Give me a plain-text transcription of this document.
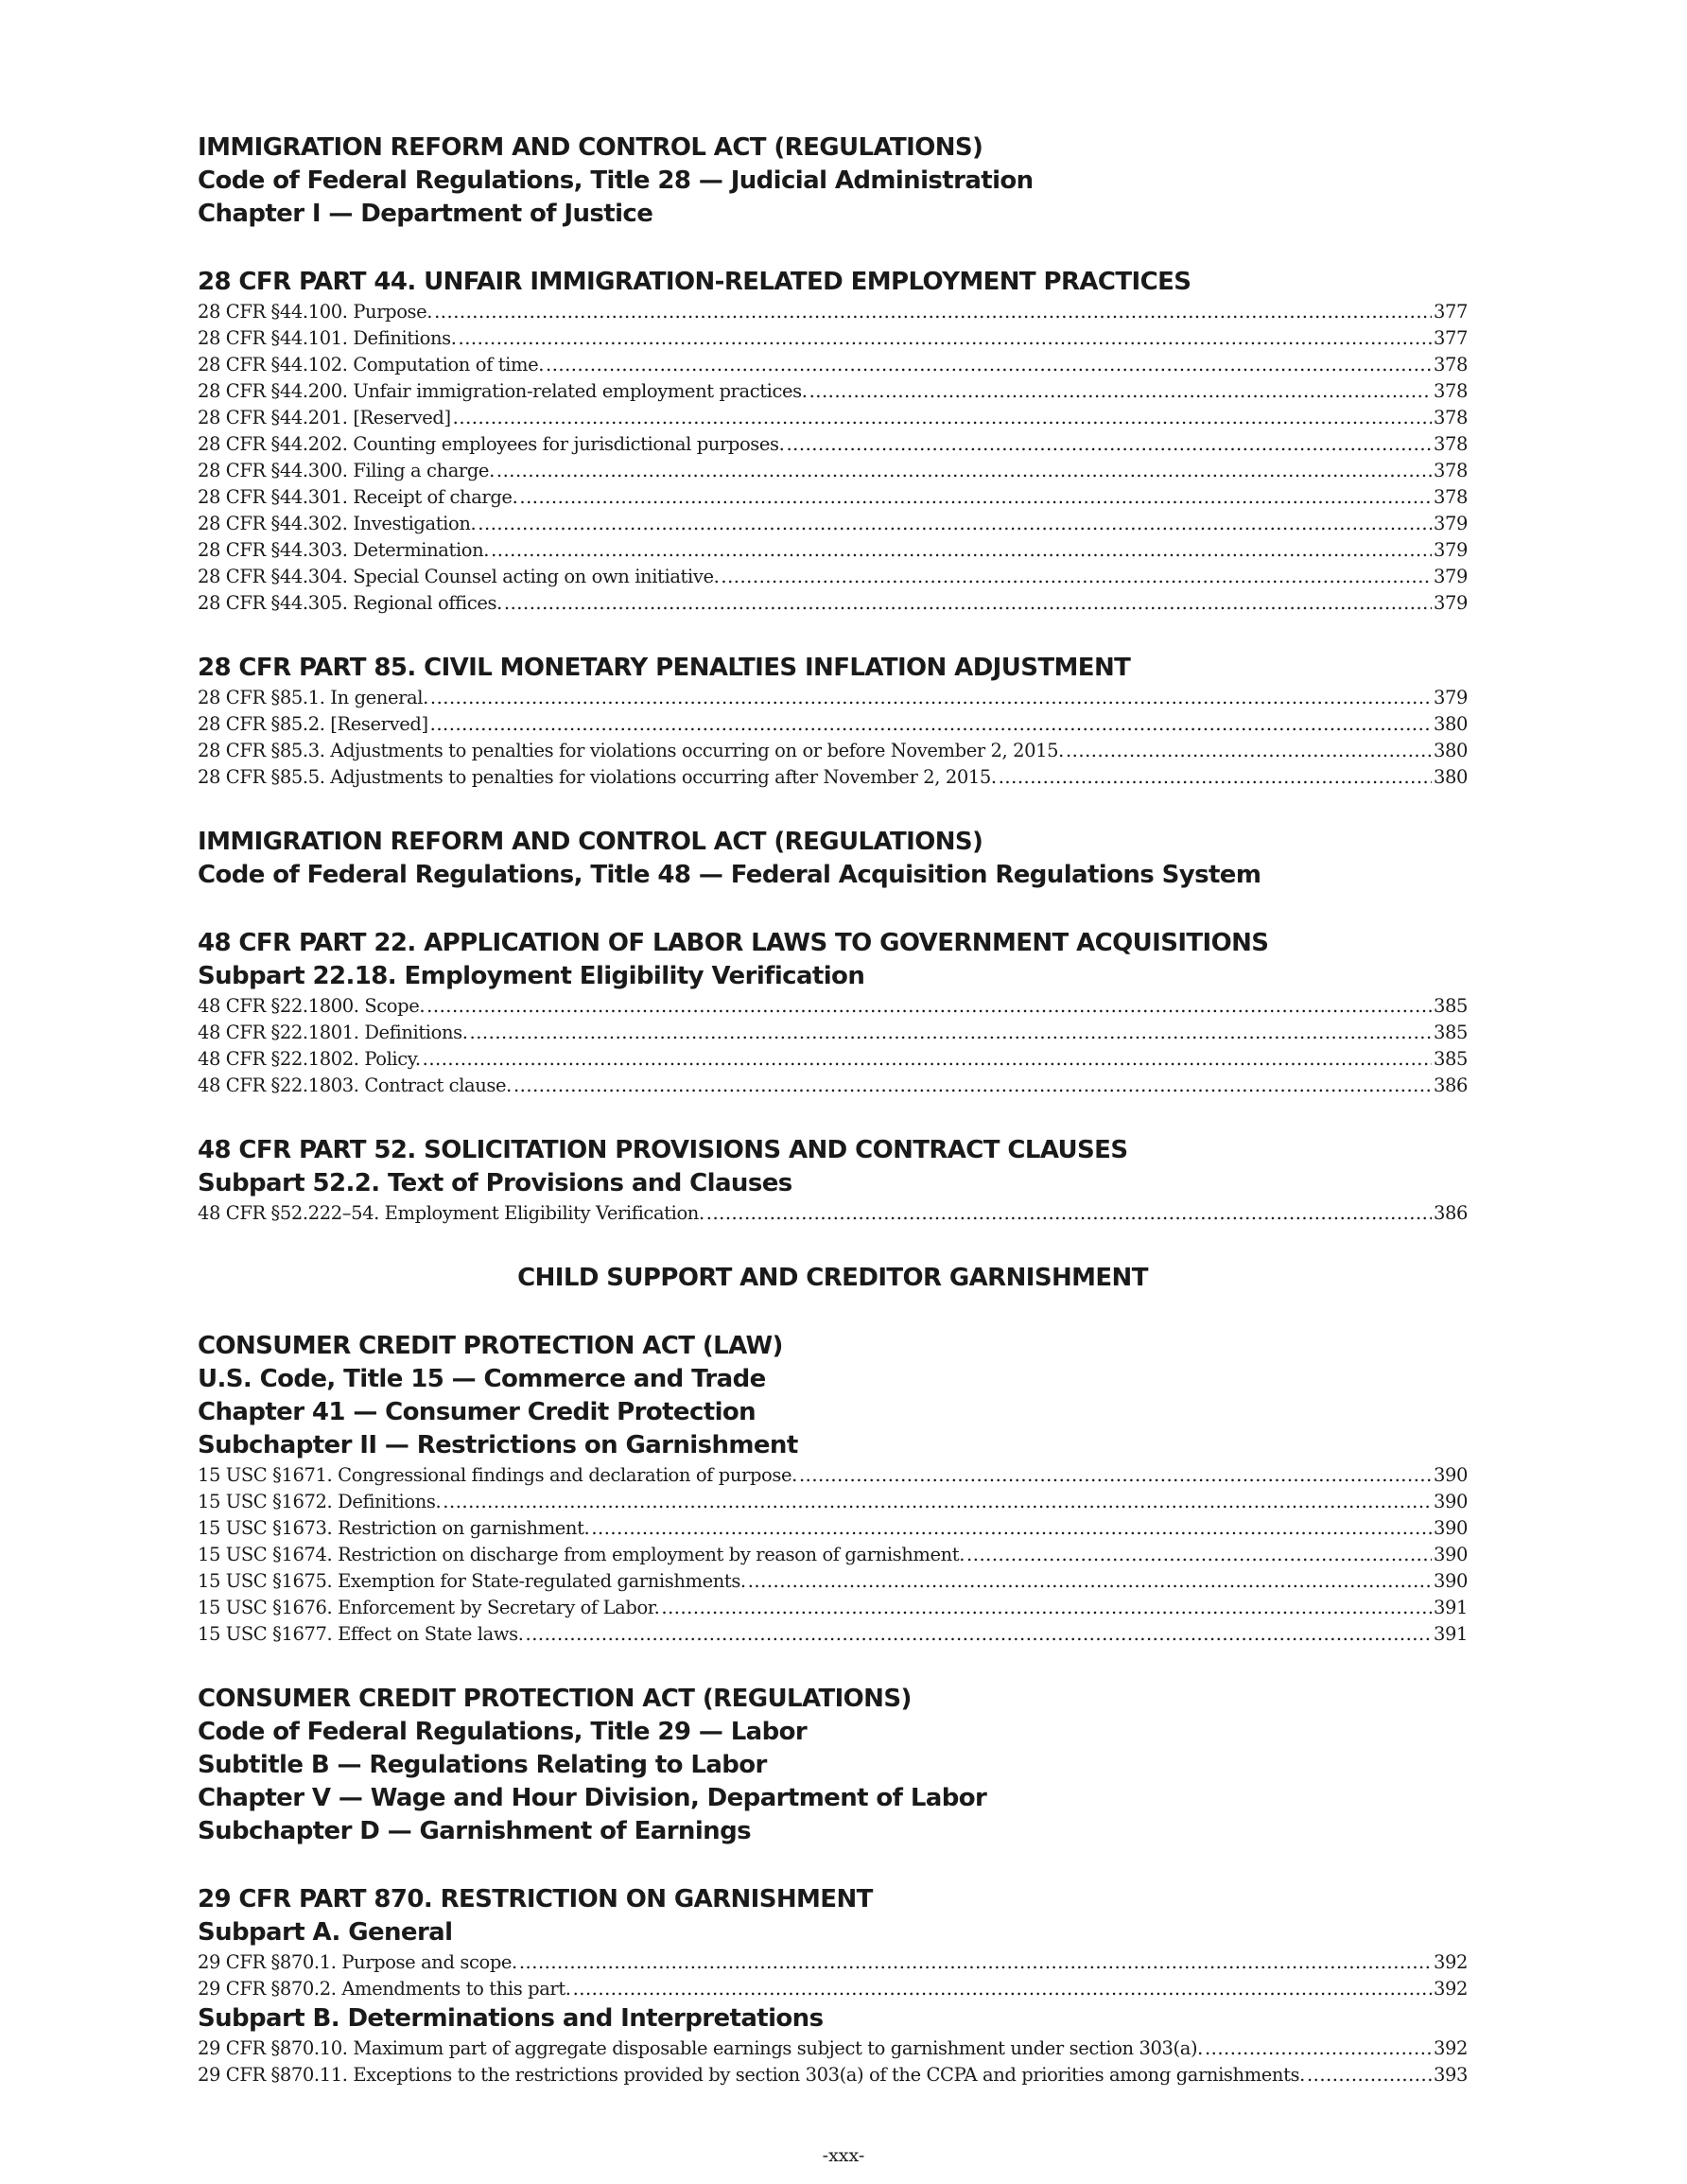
IMMIGRATION REFORM AND CONTROL ACT (REGULATIONS)
Code of Federal Regulations, Title 28 — Judicial Administration
Chapter I — Department of Justice
28 CFR PART 44. UNFAIR IMMIGRATION-RELATED EMPLOYMENT PRACTICES
28 CFR §44.100. Purpose. .....	377
28 CFR §44.101. Definitions. .....	377
28 CFR §44.102. Computation of time. .....	378
28 CFR §44.200. Unfair immigration-related employment practices. .....	378
28 CFR §44.201. [Reserved] .....	378
28 CFR §44.202. Counting employees for jurisdictional purposes. .....	378
28 CFR §44.300. Filing a charge. .....	378
28 CFR §44.301. Receipt of charge. .....	378
28 CFR §44.302. Investigation. .....	379
28 CFR §44.303. Determination. .....	379
28 CFR §44.304. Special Counsel acting on own initiative. .....	379
28 CFR §44.305. Regional offices. .....	379
28 CFR PART 85. CIVIL MONETARY PENALTIES INFLATION ADJUSTMENT
28 CFR §85.1. In general. .....	379
28 CFR §85.2. [Reserved] .....	380
28 CFR §85.3. Adjustments to penalties for violations occurring on or before November 2, 2015. .....	380
28 CFR §85.5. Adjustments to penalties for violations occurring after November 2, 2015. .....	380
IMMIGRATION REFORM AND CONTROL ACT (REGULATIONS)
Code of Federal Regulations, Title 48 — Federal Acquisition Regulations System
48 CFR PART 22. APPLICATION OF LABOR LAWS TO GOVERNMENT ACQUISITIONS
Subpart 22.18. Employment Eligibility Verification
48 CFR §22.1800. Scope. .....	385
48 CFR §22.1801. Definitions. .....	385
48 CFR §22.1802. Policy. .....	385
48 CFR §22.1803. Contract clause. .....	386
48 CFR PART 52. SOLICITATION PROVISIONS AND CONTRACT CLAUSES
Subpart 52.2. Text of Provisions and Clauses
48 CFR §52.222–54. Employment Eligibility Verification. .....	386
CHILD SUPPORT AND CREDITOR GARNISHMENT
CONSUMER CREDIT PROTECTION ACT (LAW)
U.S. Code, Title 15 — Commerce and Trade
Chapter 41 — Consumer Credit Protection
Subchapter II — Restrictions on Garnishment
15 USC §1671. Congressional findings and declaration of purpose. .....	390
15 USC §1672. Definitions. .....	390
15 USC §1673. Restriction on garnishment. .....	390
15 USC §1674. Restriction on discharge from employment by reason of garnishment. .....	390
15 USC §1675. Exemption for State-regulated garnishments. .....	390
15 USC §1676. Enforcement by Secretary of Labor. .....	391
15 USC §1677. Effect on State laws. .....	391
CONSUMER CREDIT PROTECTION ACT (REGULATIONS)
Code of Federal Regulations, Title 29 — Labor
Subtitle B — Regulations Relating to Labor
Chapter V — Wage and Hour Division, Department of Labor
Subchapter D — Garnishment of Earnings
29 CFR PART 870. RESTRICTION ON GARNISHMENT
Subpart A. General
29 CFR §870.1. Purpose and scope. .....	392
29 CFR §870.2. Amendments to this part. .....	392
Subpart B. Determinations and Interpretations
29 CFR §870.10. Maximum part of aggregate disposable earnings subject to garnishment under section 303(a). .....	392
29 CFR §870.11. Exceptions to the restrictions provided by section 303(a) of the CCPA and priorities among garnishments. .....	393
-xxx-
